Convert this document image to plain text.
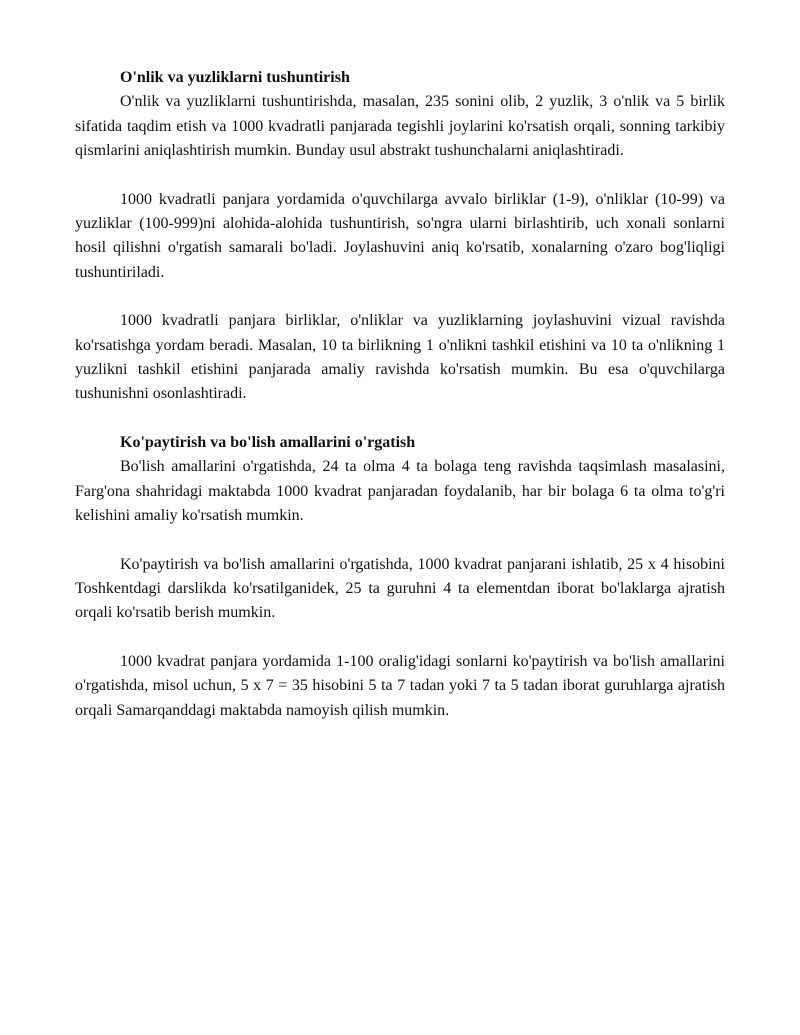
O'nlik va yuzliklarni tushuntirish

O'nlik va yuzliklarni tushuntirishda, masalan, 235 sonini olib, 2 yuzlik, 3 o'nlik va 5 birlik sifatida taqdim etish va 1000 kvadratli panjarada tegishli joylarini ko'rsatish orqali, sonning tarkibiy qismlarini aniqlashtirish mumkin. Bunday usul abstrakt tushunchalarni aniqlashtiradi.

1000 kvadratli panjara yordamida o'quvchilarga avvalo birliklar (1-9), o'nliklar (10-99) va yuzliklar (100-999)ni alohida-alohida tushuntirish, so'ngra ularni birlashtirib, uch xonali sonlarni hosil qilishni o'rgatish samarali bo'ladi. Joylashuvini aniq ko'rsatib, xonalarning o'zaro bog'liqligi tushuntiriladi.

1000 kvadratli panjara birliklar, o'nliklar va yuzliklarning joylashuvini vizual ravishda ko'rsatishga yordam beradi. Masalan, 10 ta birlikning 1 o'nlikni tashkil etishini va 10 ta o'nlikning 1 yuzlikni tashkil etishini panjarada amaliy ravishda ko'rsatish mumkin. Bu esa o'quvchilarga tushunishni osonlashtiradi.

Ko'paytirish va bo'lish amallarini o'rgatish

Bo'lish amallarini o'rgatishda, 24 ta olma 4 ta bolaga teng ravishda taqsimlash masalasini, Farg'ona shahridagi maktabda 1000 kvadrat panjaradan foydalanib, har bir bolaga 6 ta olma to'g'ri kelishini amaliy ko'rsatish mumkin.

Ko'paytirish va bo'lish amallarini o'rgatishda, 1000 kvadrat panjarani ishlatib, 25 x 4 hisobini Toshkentdagi darslikda ko'rsatilganidek, 25 ta guruhni 4 ta elementdan iborat bo'laklarga ajratish orqali ko'rsatib berish mumkin.

1000 kvadrat panjara yordamida 1-100 oralig'idagi sonlarni ko'paytirish va bo'lish amallarini o'rgatishda, misol uchun, 5 x 7 = 35 hisobini 5 ta 7 tadan yoki 7 ta 5 tadan iborat guruhlarga ajratish orqali Samarqanddagi maktabda namoyish qilish mumkin.
